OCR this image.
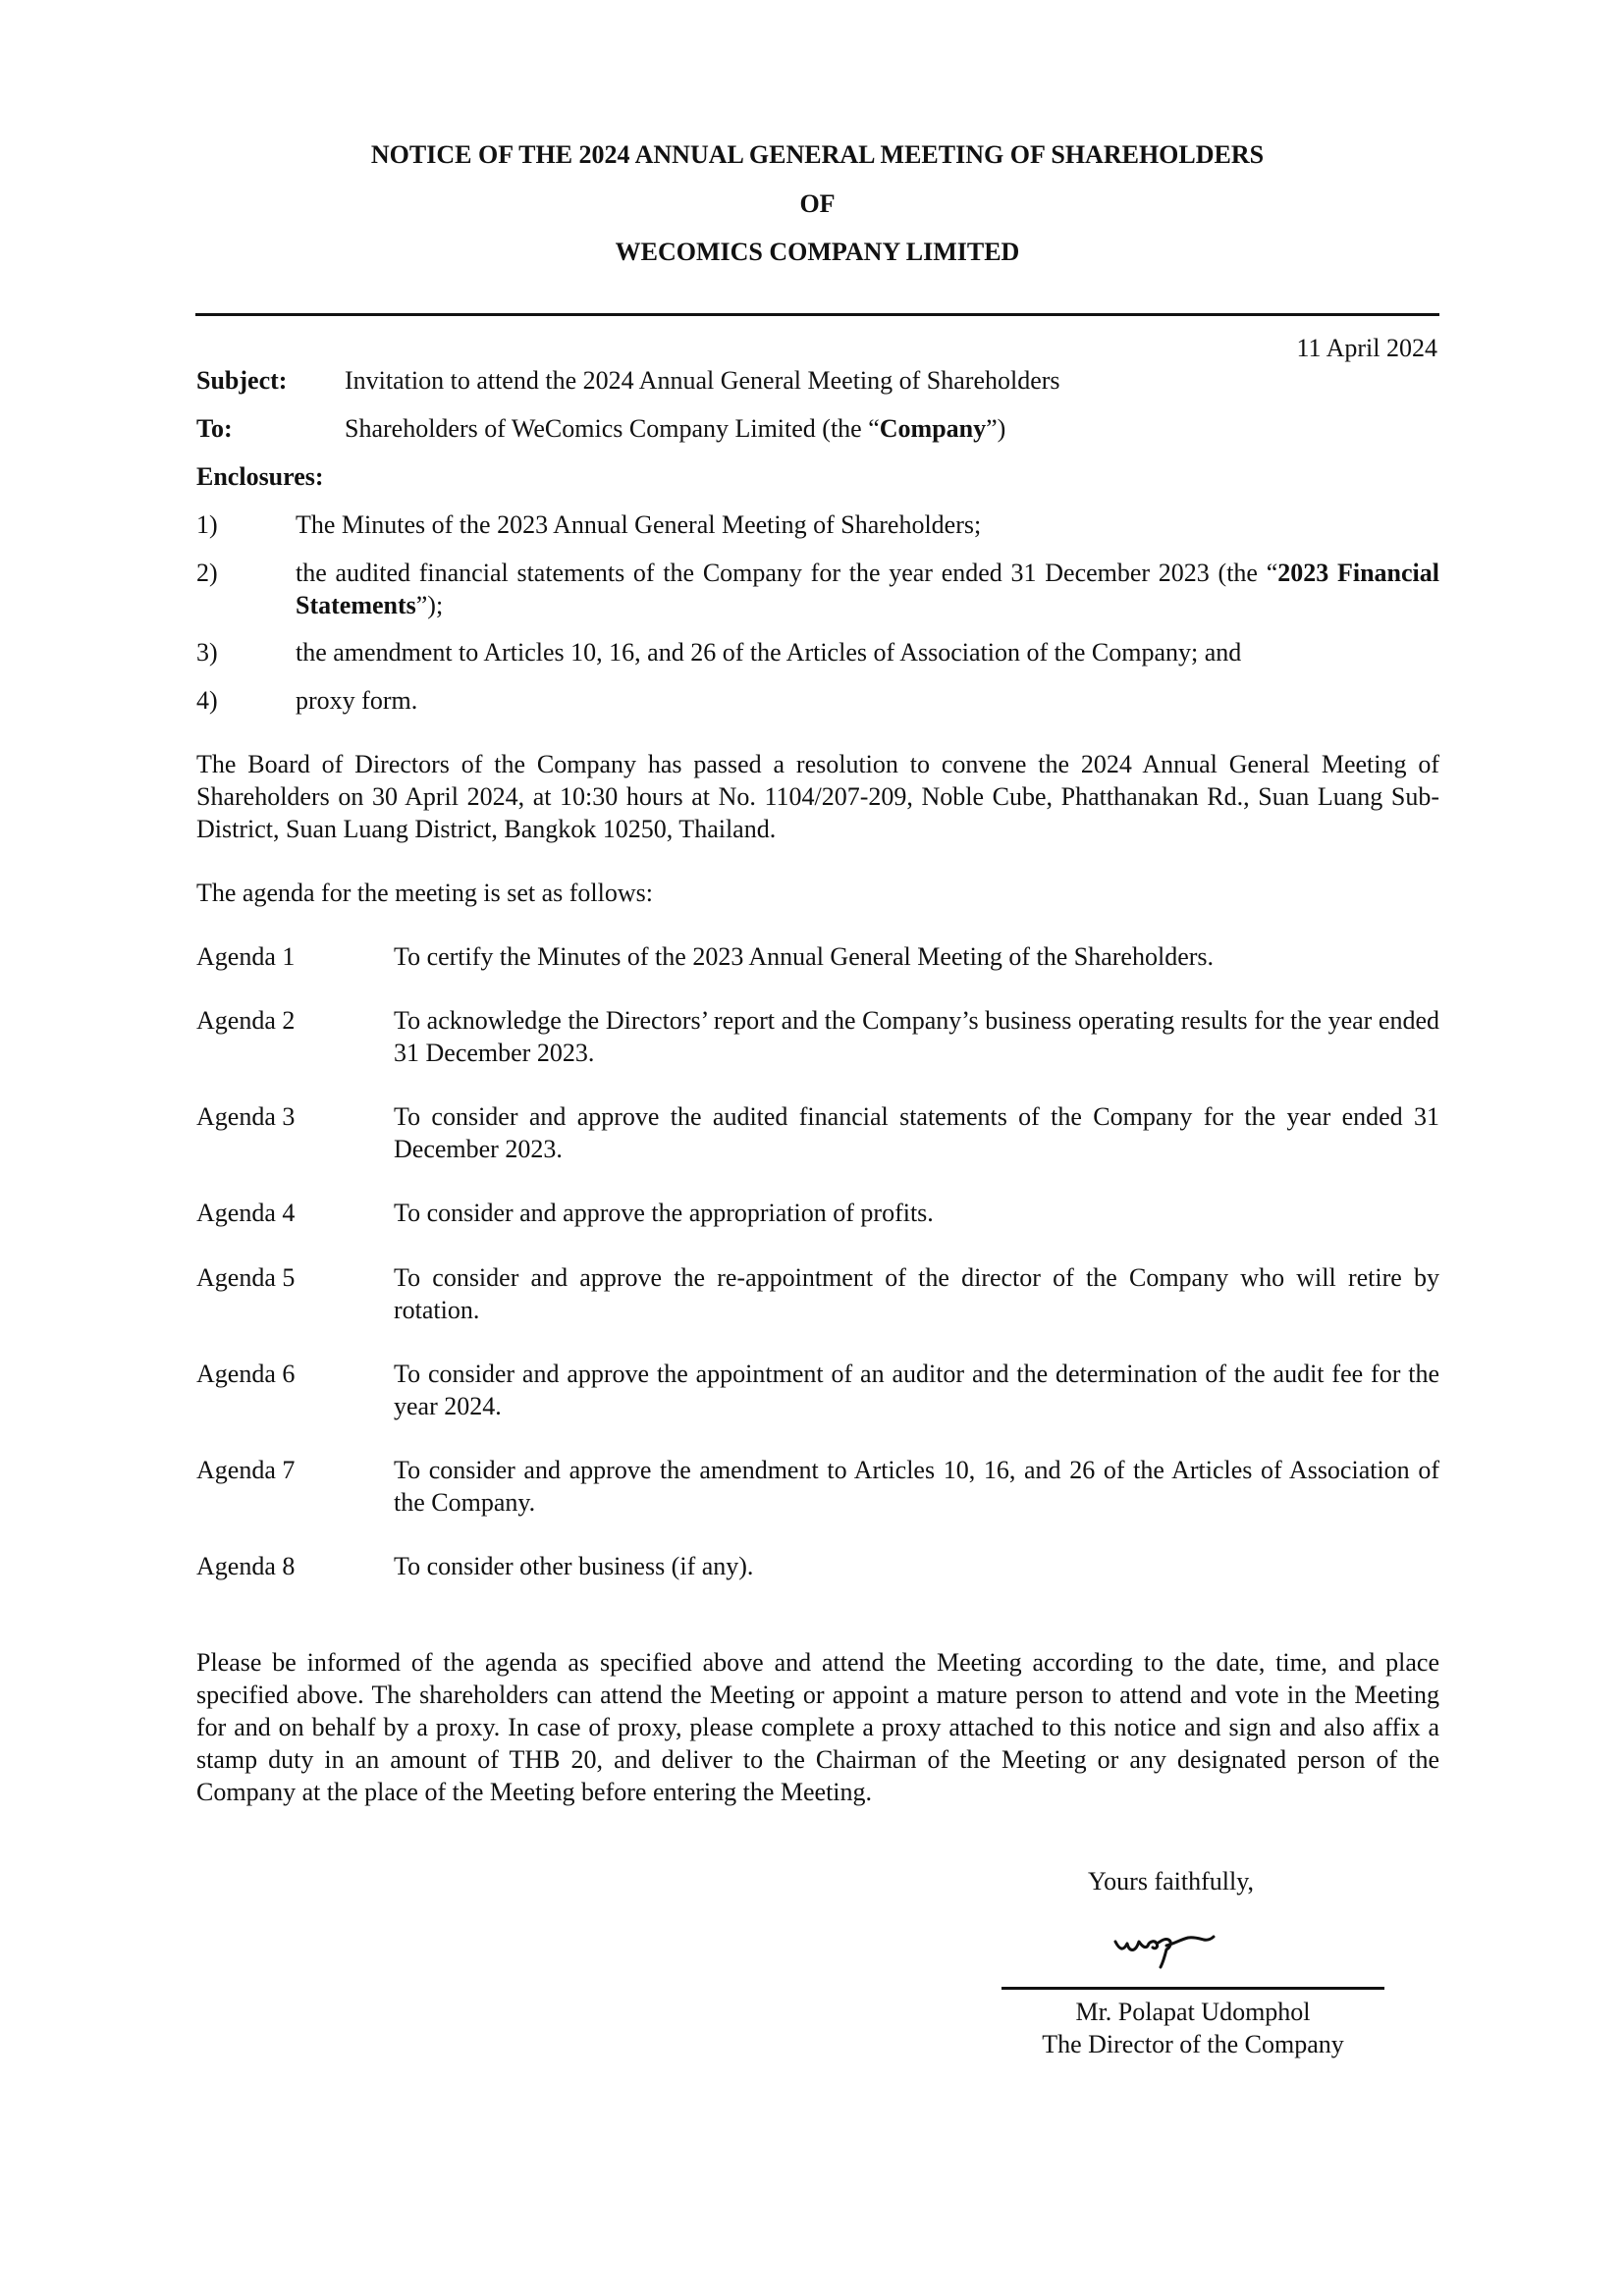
NOTICE OF THE 2024 ANNUAL GENERAL MEETING OF SHAREHOLDERS
OF
WECOMICS COMPANY LIMITED
11 April 2024
Subject: Invitation to attend the 2024 Annual General Meeting of Shareholders
To:	Shareholders of WeComics Company Limited (the “Company”)
Enclosures:
1)	The Minutes of the 2023 Annual General Meeting of Shareholders;
2)	the audited financial statements of the Company for the year ended 31 December 2023 (the “2023 Financial Statements”);
3)	the amendment to Articles 10, 16, and 26 of the Articles of Association of the Company; and
4)	proxy form.
The Board of Directors of the Company has passed a resolution to convene the 2024 Annual General Meeting of Shareholders on 30 April 2024, at 10:30 hours at No. 1104/207-209, Noble Cube, Phatthanakan Rd., Suan Luang Sub-District, Suan Luang District, Bangkok 10250, Thailand.
The agenda for the meeting is set as follows:
Agenda 1	To certify the Minutes of the 2023 Annual General Meeting of the Shareholders.
Agenda 2	To acknowledge the Directors’ report and the Company’s business operating results for the year ended 31 December 2023.
Agenda 3	To consider and approve the audited financial statements of the Company for the year ended 31 December 2023.
Agenda 4	To consider and approve the appropriation of profits.
Agenda 5	To consider and approve the re-appointment of the director of the Company who will retire by rotation.
Agenda 6	To consider and approve the appointment of an auditor and the determination of the audit fee for the year 2024.
Agenda 7	To consider and approve the amendment to Articles 10, 16, and 26 of the Articles of Association of the Company.
Agenda 8	To consider other business (if any).
Please be informed of the agenda as specified above and attend the Meeting according to the date, time, and place specified above. The shareholders can attend the Meeting or appoint a mature person to attend and vote in the Meeting for and on behalf by a proxy. In case of proxy, please complete a proxy attached to this notice and sign and also affix a stamp duty in an amount of THB 20, and deliver to the Chairman of the Meeting or any designated person of the Company at the place of the Meeting before entering the Meeting.
Yours faithfully,
Mr. Polapat Udomphol
The Director of the Company
